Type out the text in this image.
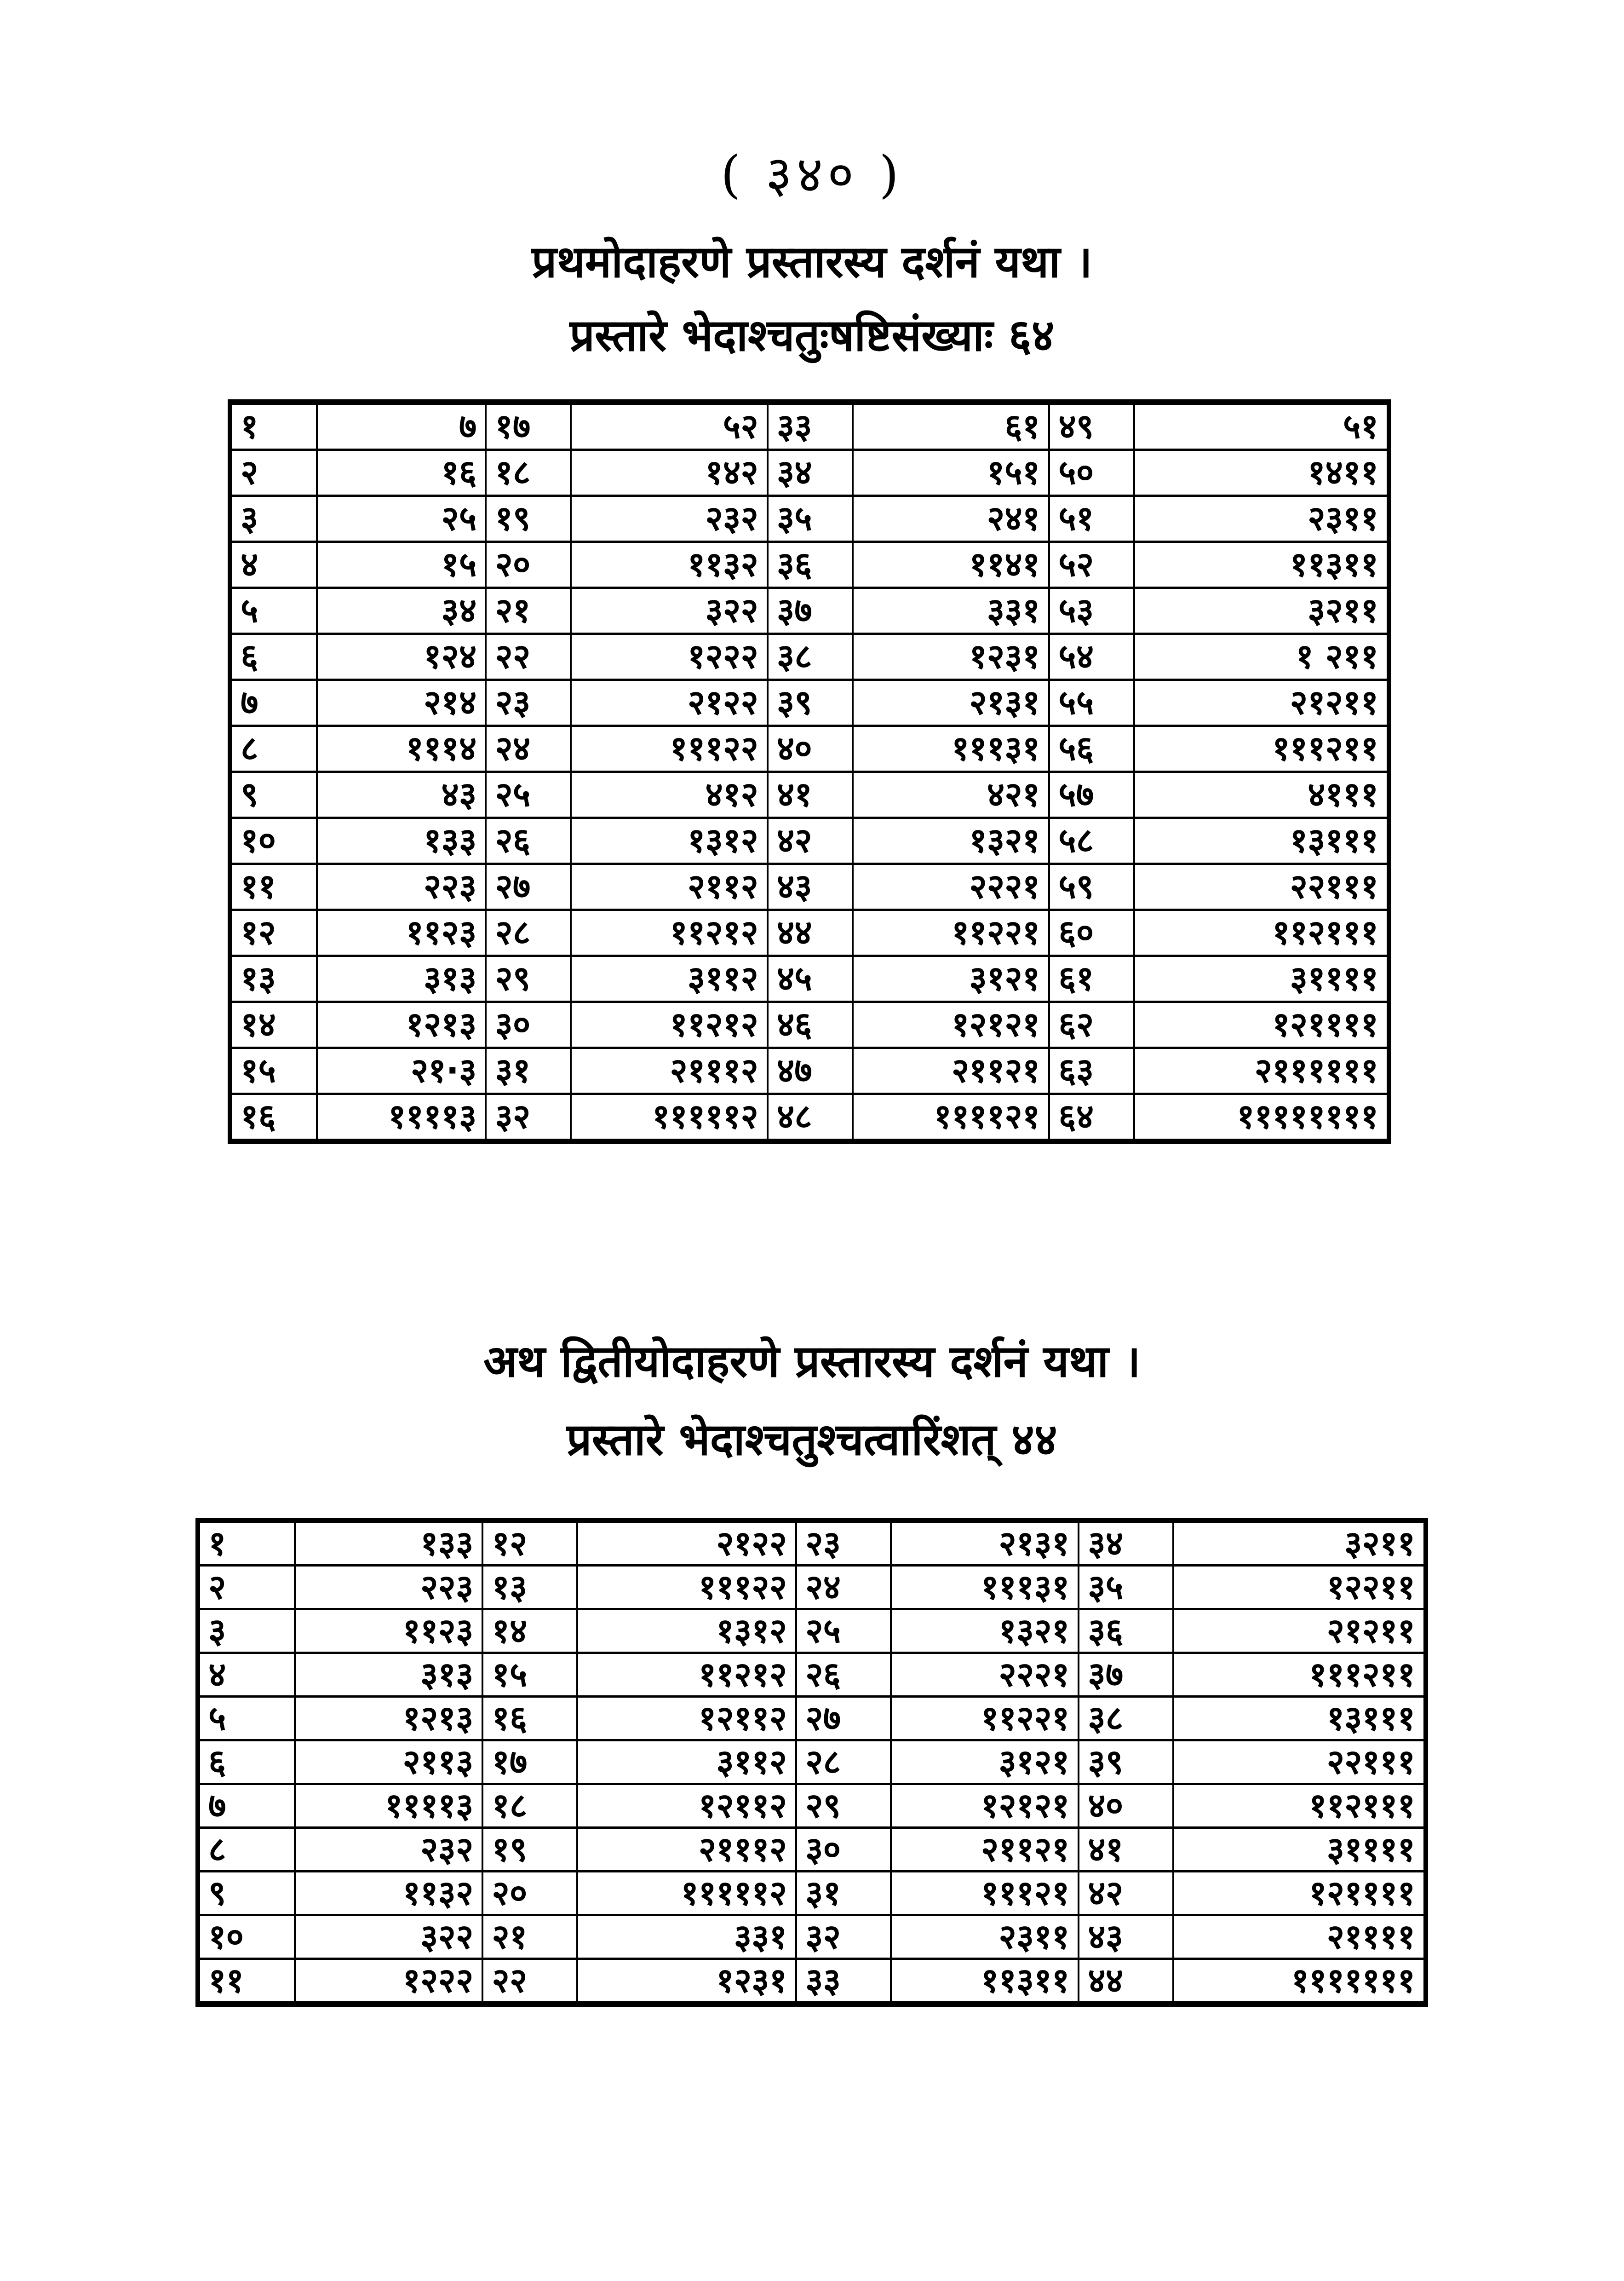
( ३४० )
प्रथमोदाहरणे प्रस्तारस्य दर्शनं यथा ।
प्रस्तारे भेदाश्चतुःषष्टिसंख्याः ६४
१	७	१७	५२	३३	६१	४९	५१
२	१६	१८	१४२	३४	१५१	५०	१४११
३	२५	१९	२३२	३५	२४१	५१	२३११
४	१५	२०	११३२	३६	११४१	५२	११३११
५	३४	२१	३२२	३७	३३१	५३	३२११
६	१२४	२२	१२२२	३८	१२३१	५४	१ २११
७	२१४	२३	२१२२	३९	२१३१	५५	२१२११
८	१११४	२४	१११२२	४०	१११३१	५६	१११२११
९	४३	२५	४१२	४१	४२१	५७	४१११
१०	१३३	२६	१३१२	४२	१३२१	५८	१३१११
११	२२३	२७	२११२	४३	२२२१	५९	२२१११
१२	११२३	२८	११२१२	४४	११२२१	६०	११२१११
१३	३१३	२९	३११२	४५	३१२१	६१	३११११
१४	१२१३	३०	११२१२	४६	१२१२१	६२	१२११११
१५	२१·३	३१	२१११२	४७	२११२१	६३	२११११११
१६	११११३	३२	१११११२	४८	११११२१	६४	११११११११
अथ द्वितीयोदाहरणे प्रस्तारस्य दर्शनं यथा ।
प्रस्तारे भेदाश्चतुश्चत्वारिंशत् ४४
१	१३३	१२	२१२२	२३	२१३१	३४	३२११
२	२२३	१३	१११२२	२४	१११३१	३५	१२२११
३	११२३	१४	१३१२	२५	१३२१	३६	२१२११
४	३१३	१५	११२१२	२६	२२२१	३७	१११२११
५	१२१३	१६	१२११२	२७	११२२१	३८	१३१११
६	२११३	१७	३११२	२८	३१२१	३९	२२१११
७	११११३	१८	१२११२	२९	१२१२१	४०	११२१११
८	२३२	१९	२१११२	३०	२११२१	४१	३११११
९	११३२	२०	१११११२	३१	१११२१	४२	१२११११
१०	३२२	२१	३३१	३२	२३११	४३	२११११
११	१२२२	२२	१२३१	३३	११३११	४४	१११११११
